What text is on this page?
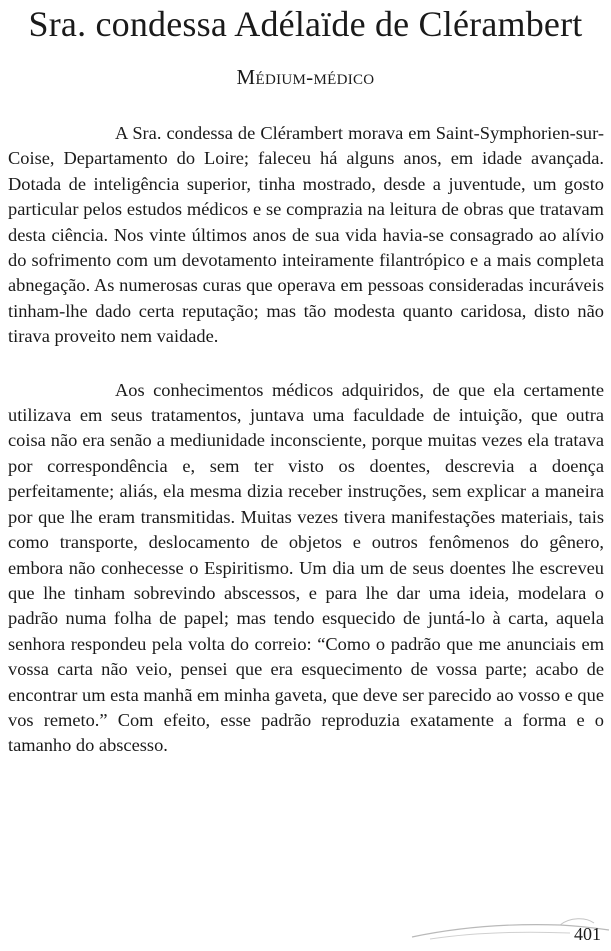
Sra. condessa Adélaïde de Clérambert
Médium-médico

A Sra. condessa de Clérambert morava em Saint-Symphorien-sur-Coise, Departamento do Loire; faleceu há alguns anos, em idade avançada. Dotada de inteligência superior, tinha mostrado, desde a juventude, um gosto particular pelos estudos médicos e se comprazia na leitura de obras que tratavam desta ciência. Nos vinte últimos anos de sua vida havia-se consagrado ao alívio do sofrimento com um devotamento inteiramente filantrópico e a mais completa abnegação. As numerosas curas que operava em pessoas consideradas incuráveis tinham-lhe dado certa reputação; mas tão modesta quanto caridosa, disto não tirava proveito nem vaidade.

Aos conhecimentos médicos adquiridos, de que ela certamente utilizava em seus tratamentos, juntava uma faculdade de intuição, que outra coisa não era senão a mediunidade inconsciente, porque muitas vezes ela tratava por correspondência e, sem ter visto os doentes, descrevia a doença perfeitamente; aliás, ela mesma dizia receber instruções, sem explicar a maneira por que lhe eram transmitidas. Muitas vezes tivera manifestações materiais, tais como transporte, deslocamento de objetos e outros fenômenos do gênero, embora não conhecesse o Espiritismo. Um dia um de seus doentes lhe escreveu que lhe tinham sobrevindo abscessos, e para lhe dar uma ideia, modelara o padrão numa folha de papel; mas tendo esquecido de juntá-lo à carta, aquela senhora respondeu pela volta do correio: “Como o padrão que me anunciais em vossa carta não veio, pensei que era esquecimento de vossa parte; acabo de encontrar um esta manhã em minha gaveta, que deve ser parecido ao vosso e que vos remeto.” Com efeito, esse padrão reproduzia exatamente a forma e o tamanho do abscesso.

401
